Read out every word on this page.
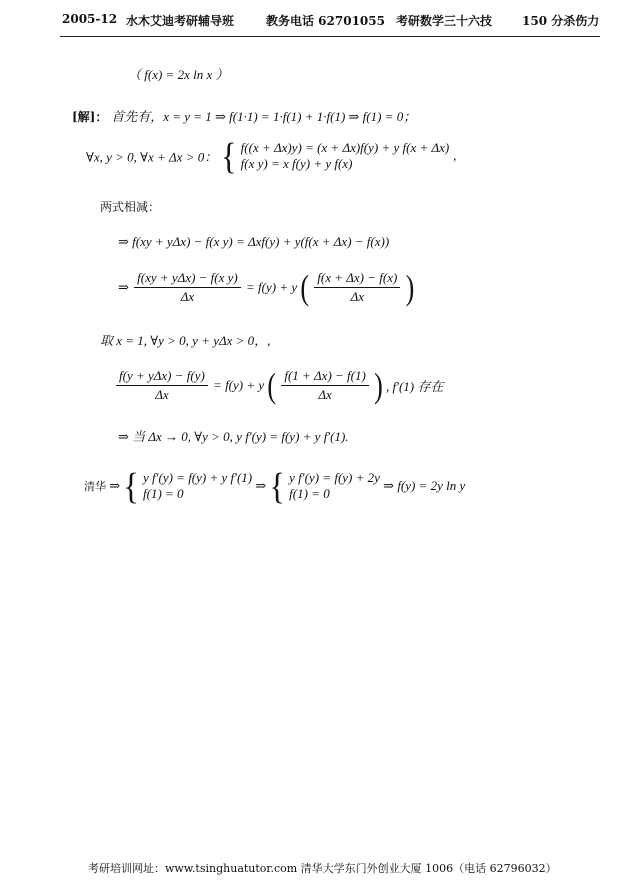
2005-12 水木艾迪考研辅导班	教务电话 62701055 考研数学三十六技 150 分杀伤力
（ f(x) = 2x ln x ）
[解]： 首先有，x = y = 1 ⇒ f(1·1) = 1·f(1) + 1·f(1) ⇒ f(1) = 0；
∀x, y > 0, ∀x + Δx > 0： { f((x + Δx)y) = (x + Δx)f(y) + y f(x + Δx)
f(x y) = x f(y) + y f(x)
,
两式相减：
⇒ f(xy + yΔx) − f(x y) = Δxf(y) + y(f(x + Δx) − f(x))
⇒ $\frac{\text{f(xy + yΔx) − f(x y)}}{\Delta x} = f(y) + y$ ( $\frac{f(x + \Delta x) - f(x)}{\Delta x}$ )
取 x = 1, ∀y > 0, y + yΔx > 0，,
$\frac{\text{f(y + yΔx) − f(y)}}{\Delta x} = f(y) + y$ ( $\frac{f(1 + \Delta x) - f(1)}{\Delta x}$ ) , f′(1) 存在
⇒ 当 Δx → 0, ∀y > 0, y f′(y) = f(y) + y f′(1).
清华 ⇒ { y f′(y) = f(y) + y f′(1)
f(1) = 0
⇒ { y f′(y) = f(y) + 2y
f(1) = 0
⇒ f(y) = 2y ln y
考研培训网址：www.tsinghuatutor.com 清华大学东门外创业大厦 1006（电话 62796032）
